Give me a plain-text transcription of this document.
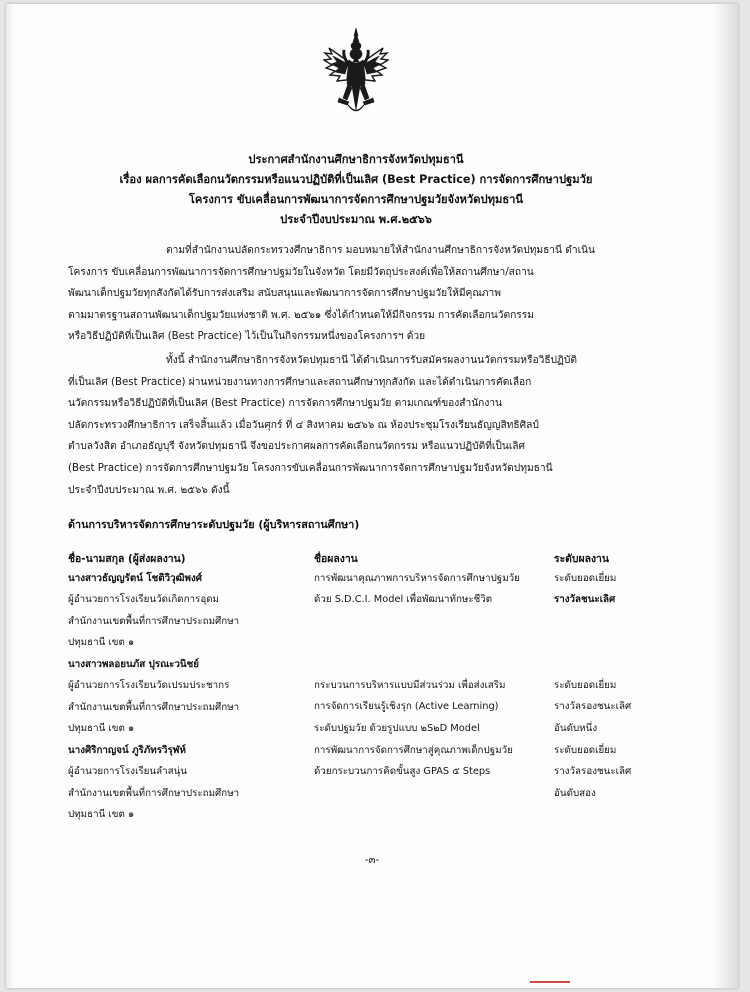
ประกาศสำนักงานศึกษาธิการจังหวัดปทุมธานี
เรื่อง ผลการคัดเลือกนวัตกรรมหรือแนวปฏิบัติที่เป็นเลิศ (Best Practice) การจัดการศึกษาปฐมวัย
โครงการ ขับเคลื่อนการพัฒนาการจัดการศึกษาปฐมวัยจังหวัดปทุมธานี
ประจำปีงบประมาณ พ.ศ.๒๕๖๖
ตามที่สำนักงานปลัดกระทรวงศึกษาธิการ มอบหมายให้สำนักงานศึกษาธิการจังหวัดปทุมธานี ดำเนิน
โครงการ ขับเคลื่อนการพัฒนาการจัดการศึกษาปฐมวัยในจังหวัด โดยมีวัตถุประสงค์เพื่อให้สถานศึกษา/สถาน
พัฒนาเด็กปฐมวัยทุกสังกัดได้รับการส่งเสริม สนับสนุนและพัฒนาการจัดการศึกษาปฐมวัยให้มีคุณภาพ
ตามมาตรฐานสถานพัฒนาเด็กปฐมวัยแห่งชาติ พ.ศ. ๒๕๖๑ ซึ่งได้กำหนดให้มีกิจกรรม การคัดเลือกนวัตกรรม
หรือวิธีปฏิบัติที่เป็นเลิศ (Best Practice) ไว้เป็นในกิจกรรมหนึ่งของโครงการฯ ด้วย
ทั้งนี้ สำนักงานศึกษาธิการจังหวัดปทุมธานี ได้ดำเนินการรับสมัครผลงานนวัตกรรมหรือวิธีปฏิบัติ
ที่เป็นเลิศ (Best Practice) ผ่านหน่วยงานทางการศึกษาและสถานศึกษาทุกสังกัด และได้ดำเนินการคัดเลือก
นวัตกรรมหรือวิธีปฏิบัติที่เป็นเลิศ (Best Practice) การจัดการศึกษาปฐมวัย ตามเกณฑ์ของสำนักงาน
ปลัดกระทรวงศึกษาธิการ เสร็จสิ้นแล้ว เมื่อวันศุกร์ ที่ ๔ สิงหาคม ๒๕๖๖ ณ ห้องประชุมโรงเรียนธัญญสิทธิศิลป์
ตำบลวังสิต อำเภอธัญบุรี จังหวัดปทุมธานี จึงขอประกาศผลการคัดเลือกนวัตกรรม หรือแนวปฏิบัติที่เป็นเลิศ
(Best Practice) การจัดการศึกษาปฐมวัย โครงการขับเคลื่อนการพัฒนาการจัดการศึกษาปฐมวัยจังหวัดปทุมธานี
ประจำปีงบประมาณ พ.ศ. ๒๕๖๖ ดังนี้
ด้านการบริหารจัดการศึกษาระดับปฐมวัย (ผู้บริหารสถานศึกษา)
ชื่อ-นามสกุล (ผู้ส่งผลงาน)	ชื่อผลงาน	ระดับผลงาน
นางสาวธัญญรัตน์ โชติวิวุฒิพงศ์
ผู้อำนวยการโรงเรียนวัดเกิดการอุดม
สำนักงานเขตพื้นที่การศึกษาประถมศึกษา
ปทุมธานี เขต ๑
การพัฒนาคุณภาพการบริหารจัดการศึกษาปฐมวัย
ด้วย S.D.C.I. Model เพื่อพัฒนาทักษะชีวิต
ระดับยอดเยี่ยม
รางวัลชนะเลิศ
นางสาวพลอยนภัส ปุรณะวนิชย์
ผู้อำนวยการโรงเรียนวัดเปรมประชากร
สำนักงานเขตพื้นที่การศึกษาประถมศึกษา
ปทุมธานี เขต ๑
กระบวนการบริหารแบบมีส่วนร่วม เพื่อส่งเสริม
การจัดการเรียนรู้เชิงรุก (Active Learning)
ระดับปฐมวัย ด้วยรูปแบบ ๒S๒D Model
ระดับยอดเยี่ยม
รางวัลรองชนะเลิศ
อันดับหนึ่ง
นางศิริกาญจน์ ภูริภัทรวิรุฬห์
ผู้อำนวยการโรงเรียนลำสนุ่น
สำนักงานเขตพื้นที่การศึกษาประถมศึกษา
ปทุมธานี เขต ๑
การพัฒนาการจัดการศึกษาสู่คุณภาพเด็กปฐมวัย
ด้วยกระบวนการคิดขั้นสูง GPAS ๕ Steps
ระดับยอดเยี่ยม
รางวัลรองชนะเลิศ
อันดับสอง
-๓-
